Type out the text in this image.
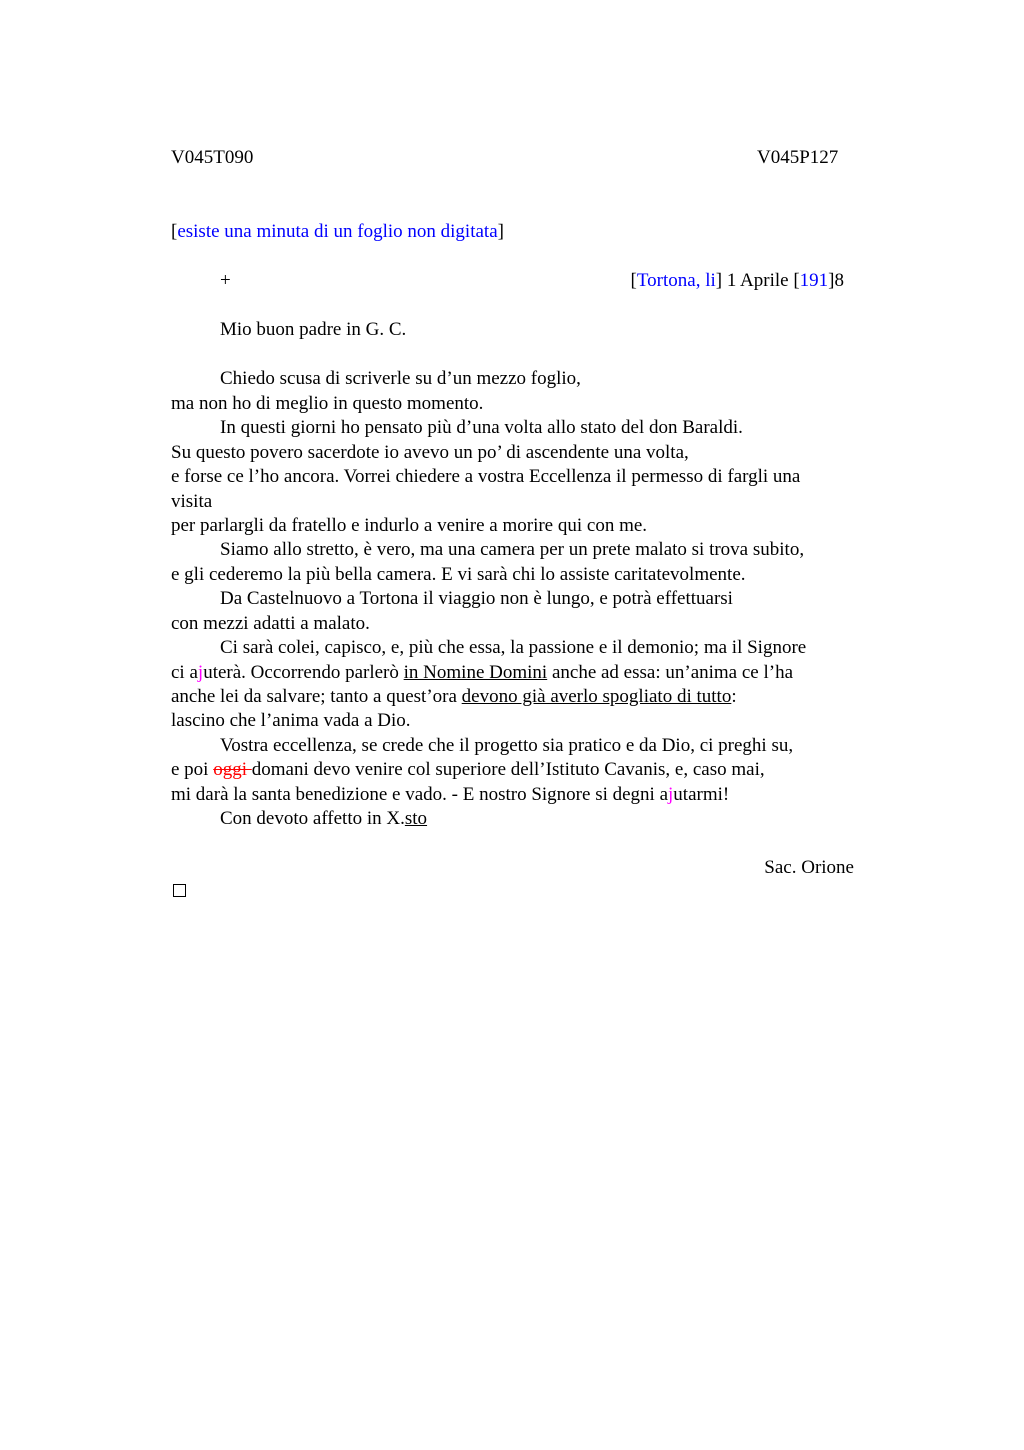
V045T090	V045P127
[esiste una minuta di un foglio non digitata]
+	[Tortona, li] 1 Aprile [191]8
Mio buon padre in G. C.
Chiedo scusa di scriverle su d’un mezzo foglio,
ma non ho di meglio in questo momento.
In questi giorni ho pensato più d’una volta allo stato del don Baraldi.
Su questo povero sacerdote io avevo un po’ di ascendente una volta,
e forse ce l’ho ancora. Vorrei chiedere a vostra Eccellenza il permesso di fargli una
visita
per parlargli da fratello e indurlo a venire a morire qui con me.
Siamo allo stretto, è vero, ma una camera per un prete malato si trova subito,
e gli cederemo la più bella camera. E vi sarà chi lo assiste caritatevolmente.
Da Castelnuovo a Tortona il viaggio non è lungo, e potrà effettuarsi
con mezzi adatti a malato.
Ci sarà colei, capisco, e, più che essa, la passione e il demonio; ma il Signore
ci ajuterà. Occorrendo parlerò in Nomine Domini anche ad essa: un’anima ce l’ha
anche lei da salvare; tanto a quest’ora devono già averlo spogliato di tutto:
lascino che l’anima vada a Dio.
Vostra eccellenza, se crede che il progetto sia pratico e da Dio, ci preghi su,
e poi oggi domani devo venire col superiore dell’Istituto Cavanis, e, caso mai,
mi darà la santa benedizione e vado. - E nostro Signore si degni ajutarmi!
Con devoto affetto in X.sto
Sac. Orione
